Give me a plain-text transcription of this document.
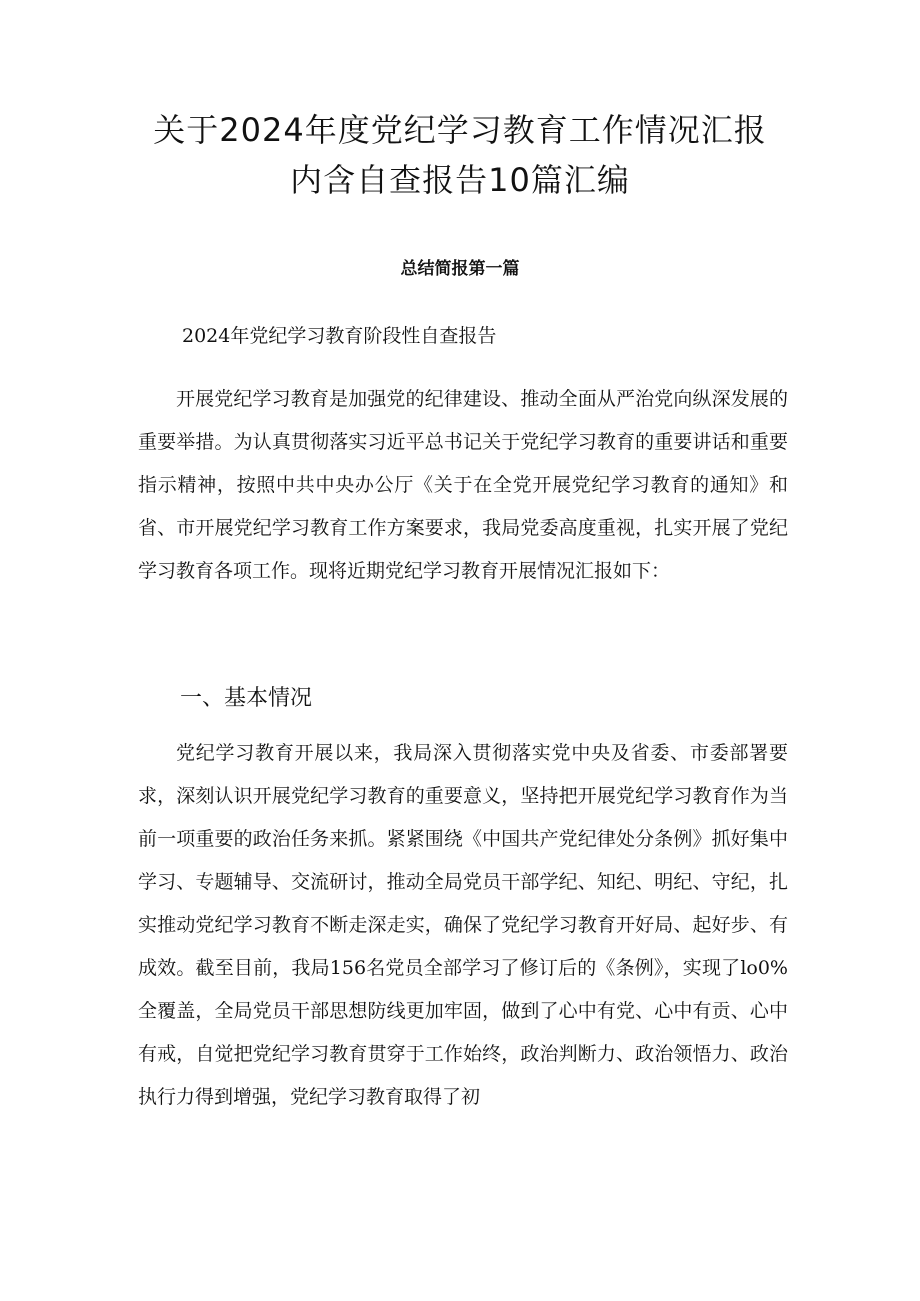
关于2024年度党纪学习教育工作情况汇报
内含自查报告10篇汇编
总结简报第一篇
2024年党纪学习教育阶段性自查报告

开展党纪学习教育是加强党的纪律建设、推动全面从严治党向纵深发展的重要举措。为认真贯彻落实习近平总书记关于党纪学习教育的重要讲话和重要指示精神，按照中共中央办公厅《关于在全党开展党纪学习教育的通知》和省、市开展党纪学习教育工作方案要求，我局党委高度重视，扎实开展了党纪学习教育各项工作。现将近期党纪学习教育开展情况汇报如下：

一、基本情况

党纪学习教育开展以来，我局深入贯彻落实党中央及省委、市委部署要求，深刻认识开展党纪学习教育的重要意义，坚持把开展党纪学习教育作为当前一项重要的政治任务来抓。紧紧围绕《中国共产党纪律处分条例》抓好集中学习、专题辅导、交流研讨，推动全局党员干部学纪、知纪、明纪、守纪，扎实推动党纪学习教育不断走深走实，确保了党纪学习教育开好局、起好步、有成效。截至目前，我局156名党员全部学习了修订后的《条例》，实现了lo0%全覆盖，全局党员干部思想防线更加牢固，做到了心中有党、心中有贡、心中有戒，自觉把党纪学习教育贯穿于工作始终，政治判断力、政治领悟力、政治执行力得到增强，党纪学习教育取得了初
